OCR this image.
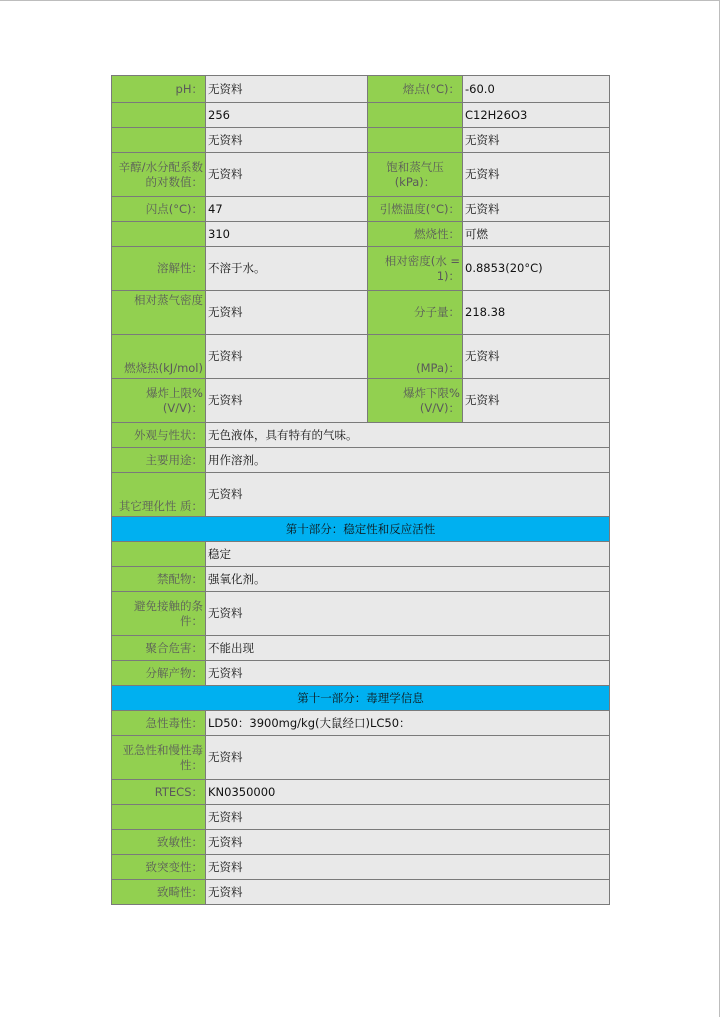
pH：	无资料	熔点(°C)：	-60.0
	256		C12H26O3
	无资料		无资料
辛醇/水分配系数的对数值：	无资料	饱和蒸气压(kPa)：	无资料
闪点(°C)：	47	引燃温度(°C)：	无资料
	310	燃烧性：	可燃
溶解性：	不溶于水。	相对密度(水 = 1)：	0.8853(20°C)
相对蒸气密度	无资料	分子量：	218.38
燃烧热(kJ/mol)	无资料	(MPa)：	无资料
爆炸上限%(V/V)：	无资料	爆炸下限%(V/V)：	无资料
外观与性状：	无色液体，具有特有的气味。		
主要用途：	用作溶剂。		
其它理化性 质：	无资料		
第十部分：稳定性和反应活性			
	稳定		
禁配物：	强氧化剂。		
避免接触的条件：	无资料		
聚合危害：	不能出现		
分解产物：	无资料		
第十一部分：毒理学信息			
急性毒性：	LD50：3900mg/kg(大鼠经口)LC50：		
亚急性和慢性毒性：	无资料		
RTECS：	KN0350000		
	无资料		
致敏性：	无资料		
致突变性：	无资料		
致畸性：	无资料		
